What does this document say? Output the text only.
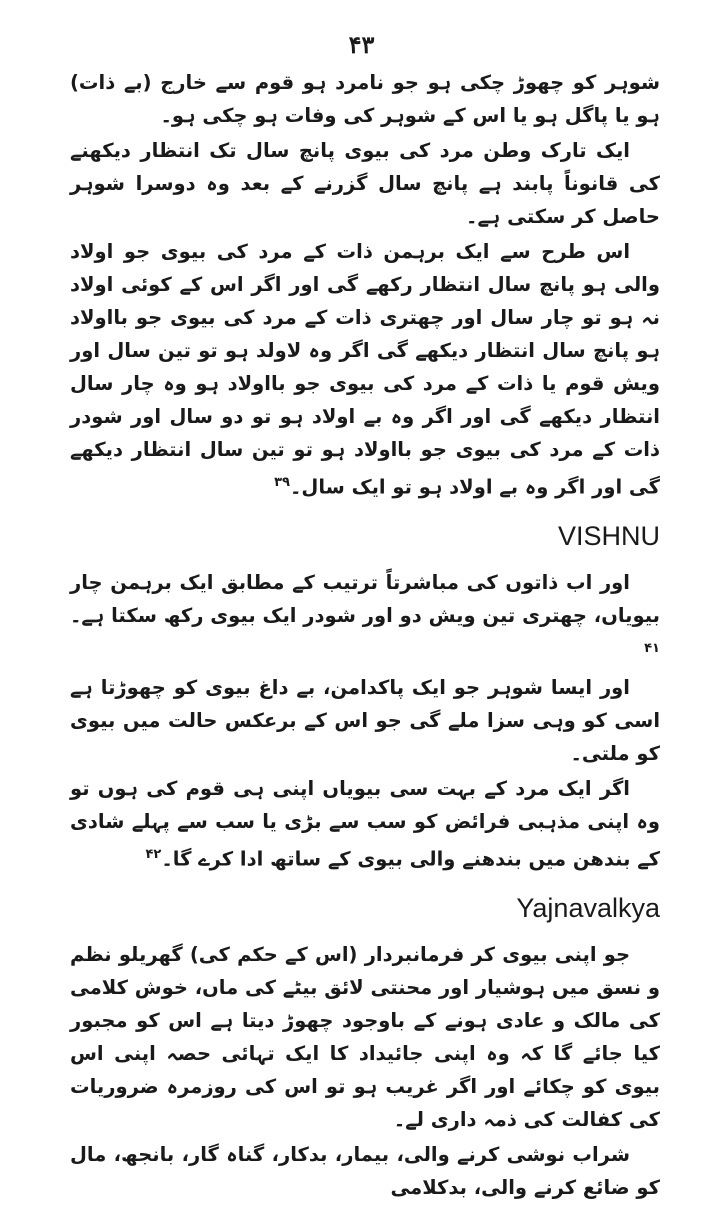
۴۳

شوہر کو چھوڑ چکی ہو جو نامرد ہو قوم سے خارج (بے ذات) ہو یا پاگل ہو یا اس کے شوہر کی وفات ہو چکی ہو۔

ایک تارک وطن مرد کی بیوی پانچ سال تک انتظار دیکھنے کی قانوناً پابند ہے پانچ سال گزرنے کے بعد وہ دوسرا شوہر حاصل کر سکتی ہے۔

اس طرح سے ایک برہمن ذات کے مرد کی بیوی جو اولاد والی ہو پانچ سال انتظار رکھے گی اور اگر اس کے کوئی اولاد نہ ہو تو چار سال اور چھتری ذات کے مرد کی بیوی جو بااولاد ہو پانچ سال انتظار دیکھے گی اگر وہ لاولد ہو تو تین سال اور ویش قوم یا ذات کے مرد کی بیوی جو بااولاد ہو وہ چار سال انتظار دیکھے گی اور اگر وہ بے اولاد ہو تو دو سال اور شودر ذات کے مرد کی بیوی جو بااولاد ہو تو تین سال انتظار دیکھے گی اور اگر وہ بے اولاد ہو تو ایک سال۔$^{۳۹}$

VISHNU

اور اب ذاتوں کی مباشرتاً ترتیب کے مطابق ایک برہمن چار بیویاں، چھتری تین ویش دو اور شودر ایک بیوی رکھ سکتا ہے۔$^{۴۱}$

اور ایسا شوہر جو ایک پاکدامن، بے داغ بیوی کو چھوڑتا ہے اسی کو وہی سزا ملے گی جو اس کے برعکس حالت میں بیوی کو ملتی۔

اگر ایک مرد کے بہت سی بیویاں اپنی ہی قوم کی ہوں تو وہ اپنی مذہبی فرائض کو سب سے بڑی یا سب سے پہلے شادی کے بندھن میں بندھنے والی بیوی کے ساتھ ادا کرے گا۔$^{۴۲}$

Yajnavalkya

جو اپنی بیوی کر فرمانبردار (اس کے حکم کی) گھریلو نظم و نسق میں ہوشیار اور محنتی لائق بیٹے کی ماں، خوش کلامی کی مالک و عادی ہونے کے باوجود چھوڑ دیتا ہے اس کو مجبور کیا جائے گا کہ وہ اپنی جائیداد کا ایک تہائی حصہ اپنی اس بیوی کو چکائے اور اگر غریب ہو تو اس کی روزمرہ ضروریات کی کفالت کی ذمہ داری لے۔

شراب نوشی کرنے والی، بیمار، بدکار، گناہ گار، بانجھ، مال کو ضائع کرنے والی، بدکلامی
